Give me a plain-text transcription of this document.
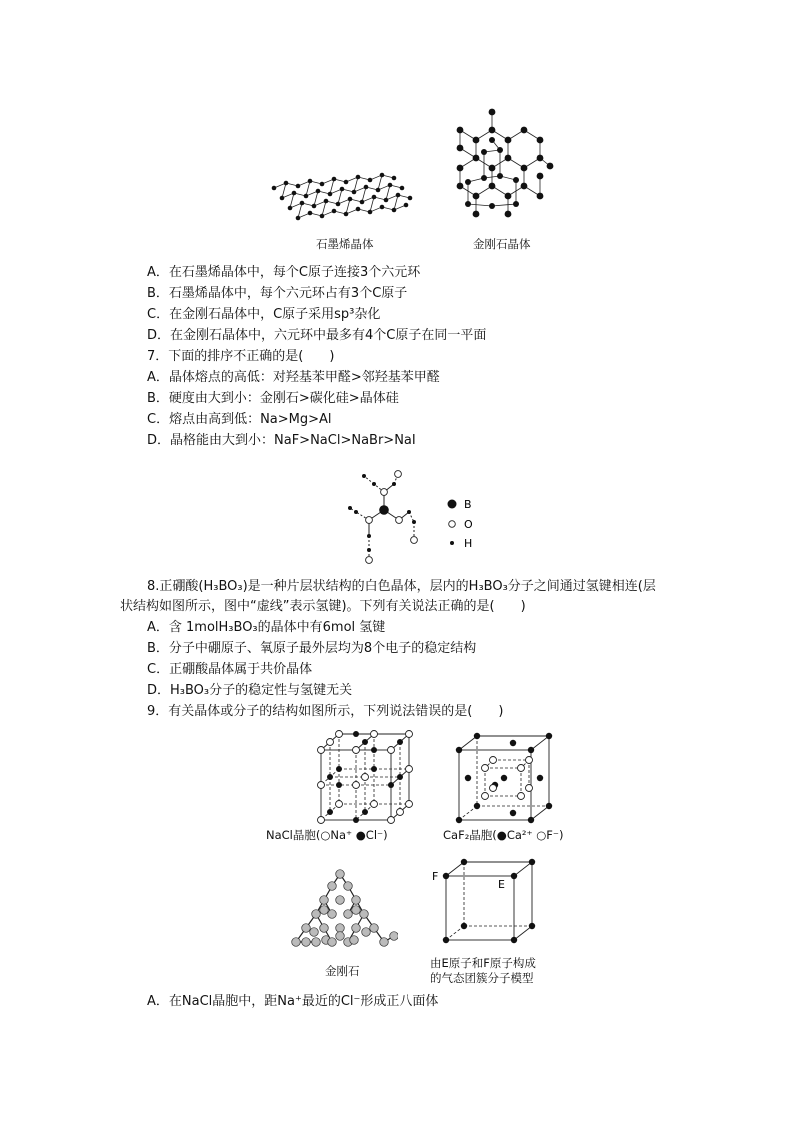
石墨烯晶体	金刚石晶体
A．在石墨烯晶体中，每个C原子连接3个六元环
B．石墨烯晶体中，每个六元环占有3个C原子
C．在金刚石晶体中，C原子采用sp³杂化
D．在金刚石晶体中，六元环中最多有4个C原子在同一平面
7．下面的排序不正确的是(　　)
A．晶体熔点的高低：对羟基苯甲醛>邻羟基苯甲醛
B．硬度由大到小：金刚石>碳化硅>晶体硅
C．熔点由高到低：Na>Mg>Al
D．晶格能由大到小：NaF>NaCl>NaBr>NaI
B
O
H
8.正硼酸(H₃BO₃)是一种片层状结构的白色晶体，层内的H₃BO₃分子之间通过氢键相连(层
状结构如图所示，图中“虚线”表示氢键)。下列有关说法正确的是(　　)
A．含 1molH₃BO₃的晶体中有6mol 氢键
B．分子中硼原子、氧原子最外层均为8个电子的稳定结构
C．正硼酸晶体属于共价晶体
D．H₃BO₃分子的稳定性与氢键无关
9．有关晶体或分子的结构如图所示，下列说法错误的是(　　)
NaCl晶胞(○Na⁺ ●Cl⁻)	CaF₂晶胞(●Ca²⁺ ○F⁻)
金刚石
F
E
由E原子和F原子构成
的气态团簇分子模型
A．在NaCl晶胞中，距Na⁺最近的Cl⁻形成正八面体
